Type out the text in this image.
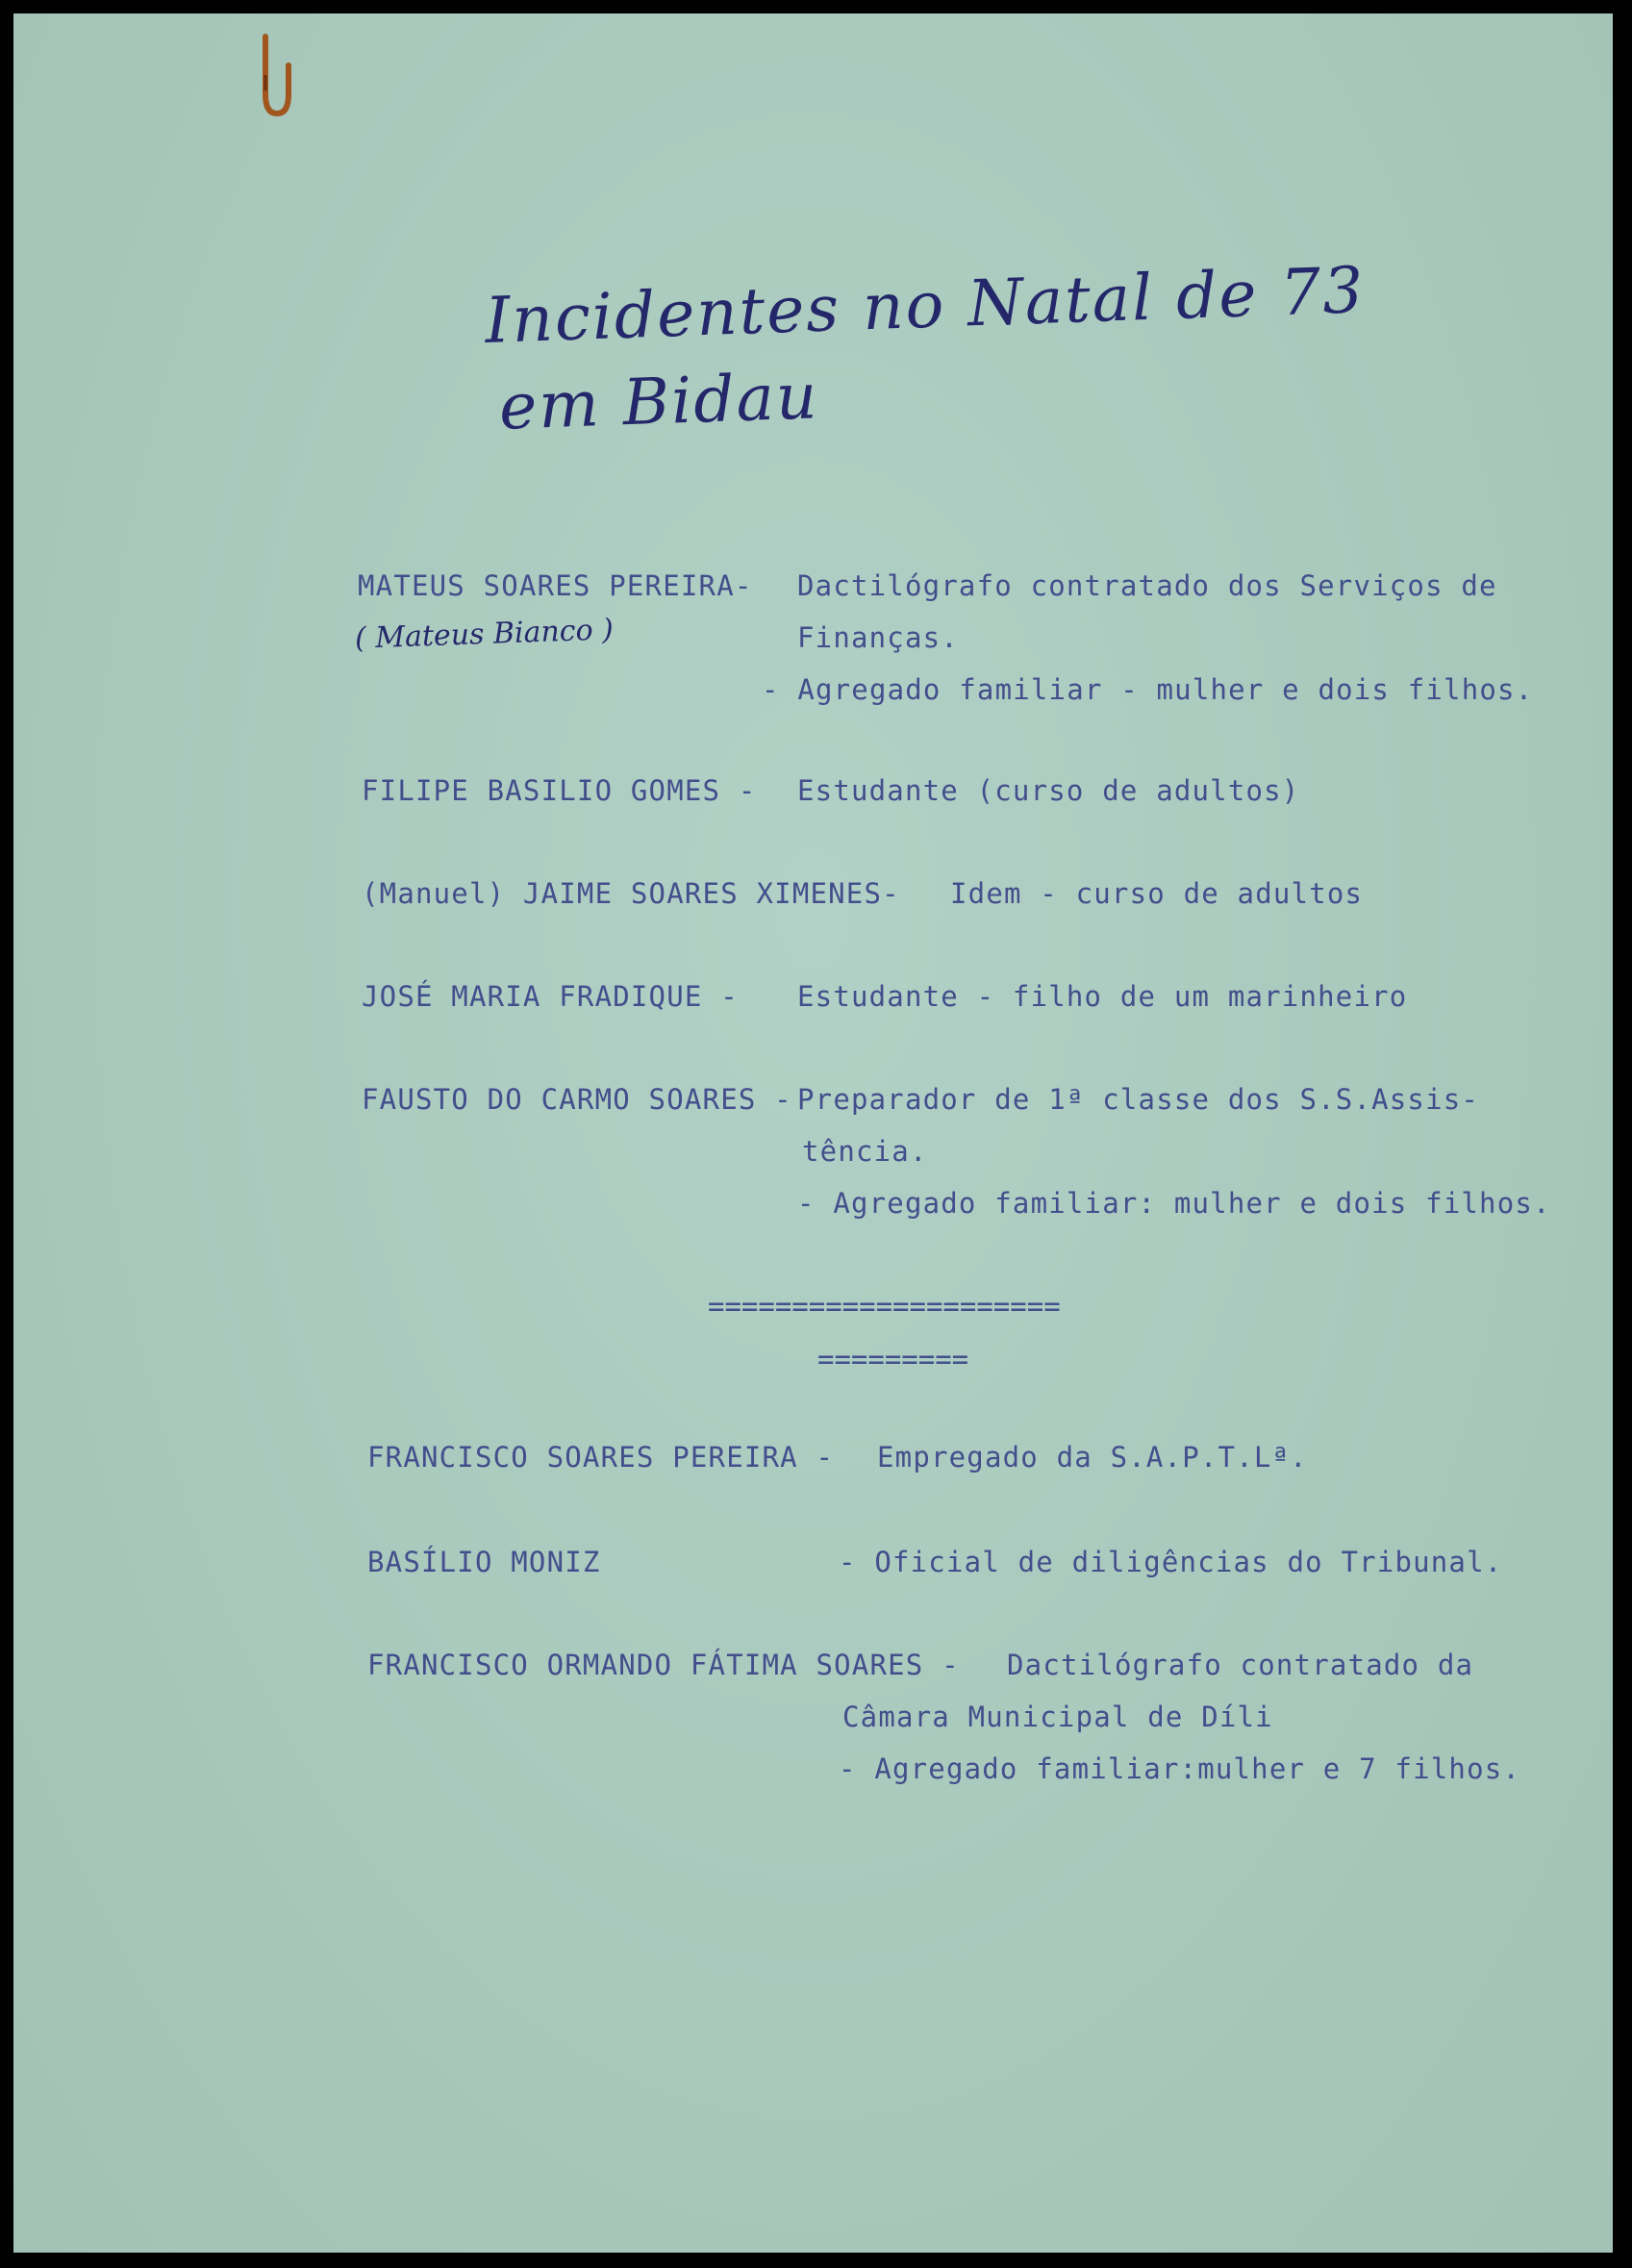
Incidentes no Natal de 73
em Bidau
MATEUS SOARES PEREIRA- Dactilógrafo contratado dos Serviços de
( Mateus Bianco )	Finanças.
- Agregado familiar - mulher e dois filhos.
FILIPE BASILIO GOMES - Estudante (curso de adultos)
(Manuel) JAIME SOARES XIMENES- Idem - curso de adultos
JOSÉ MARIA FRADIQUE - Estudante - filho de um marinheiro
FAUSTO DO CARMO SOARES - Preparador de 1ª classe dos S.S.Assis-
tência.
- Agregado familiar: mulher e dois filhos.
=====================
=========
FRANCISCO SOARES PEREIRA - Empregado da S.A.P.T.Lª.
BASÍLIO MONIZ	- Oficial de diligências do Tribunal.
FRANCISCO ORMANDO FÁTIMA SOARES - Dactilógrafo contratado da
Câmara Municipal de Díli
- Agregado familiar:mulher e 7 filhos.
